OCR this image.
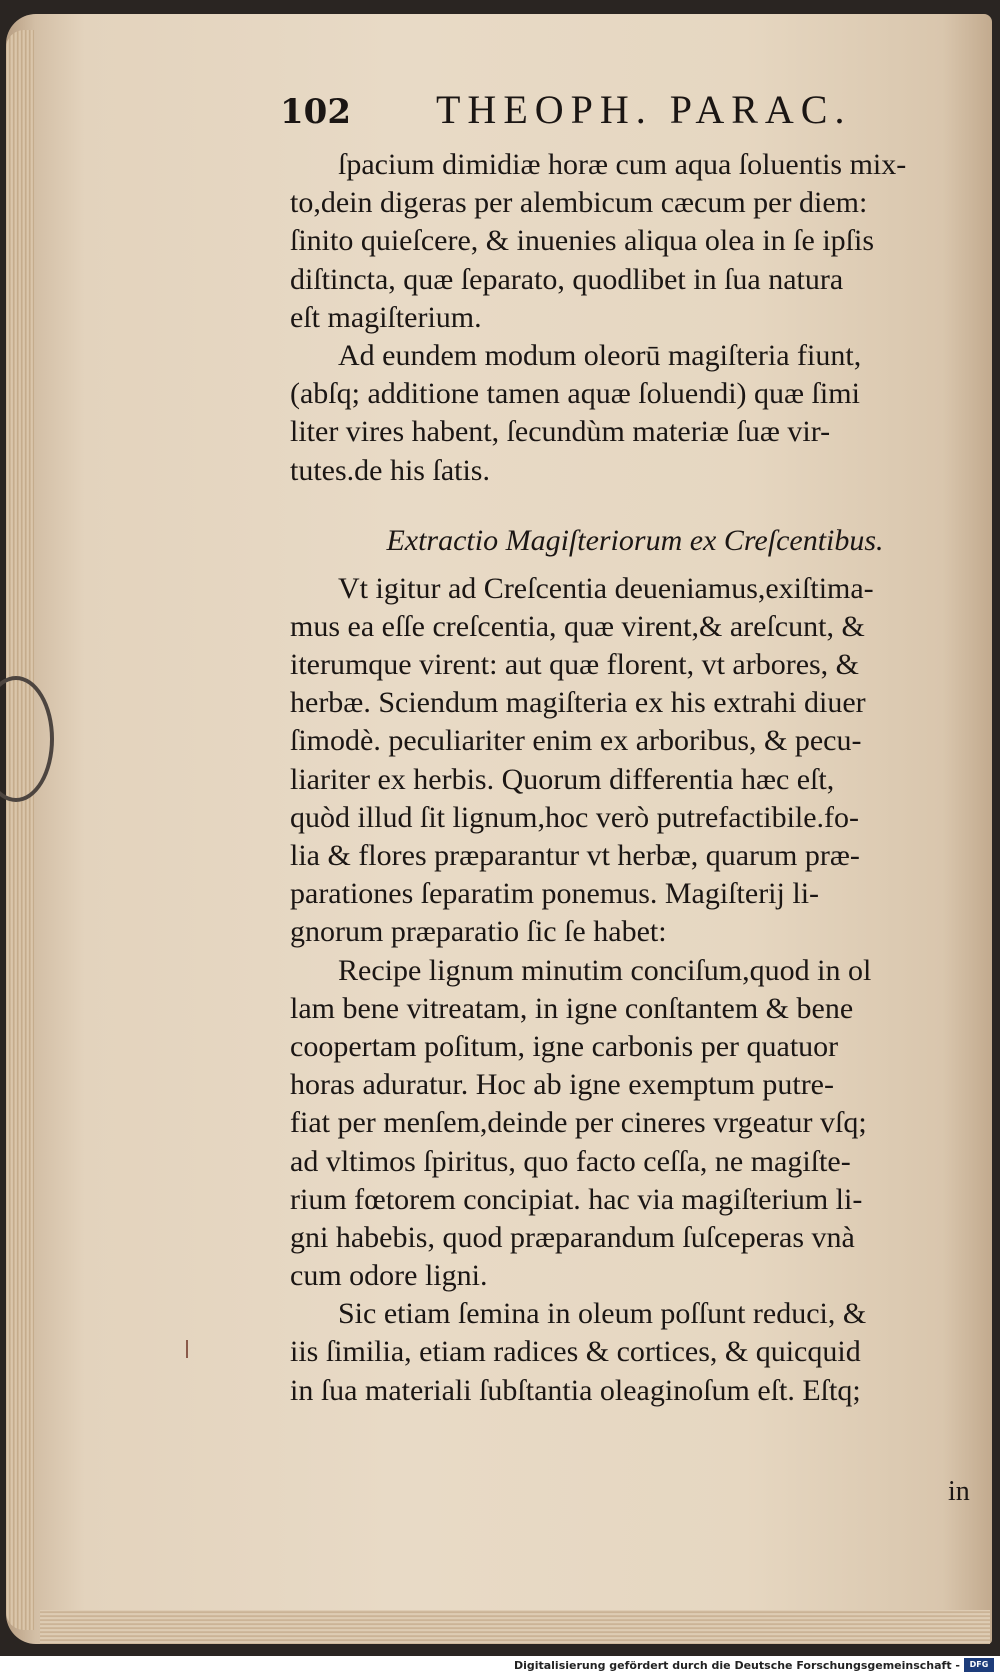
102 THEOPH. PARAC.
ſpacium dimidiæ horæ cum aqua ſoluentis mix-
to,dein digeras per alembicum cæcum per diem:
ſinito quieſcere, & inuenies aliqua olea in ſe ipſis
diſtincta, quæ ſeparato, quodlibet in ſua natura
eſt magiſterium.
Ad eundem modum oleorū magiſteria fiunt,
(abſq; additione tamen aquæ ſoluendi) quæ ſimi
liter vires habent, ſecundùm materiæ ſuæ vir-
tutes.de his ſatis.
Extractio Magiſteriorum ex Creſcentibus.
Vt igitur ad Creſcentia deueniamus,exiſtima-
mus ea eſſe creſcentia, quæ virent,& areſcunt, &
iterumque virent: aut quæ florent, vt arbores, &
herbæ. Sciendum magiſteria ex his extrahi diuer
ſimodè. peculiariter enim ex arboribus, & pecu-
liariter ex herbis. Quorum differentia hæc eſt,
quòd illud ſit lignum,hoc verò putrefactibile.fo-
lia & flores præparantur vt herbæ, quarum præ-
parationes ſeparatim ponemus. Magiſterij li-
gnorum præparatio ſic ſe habet:
Recipe lignum minutim conciſum,quod in ol
lam bene vitreatam, in igne conſtantem & bene
coopertam poſitum, igne carbonis per quatuor
horas aduratur. Hoc ab igne exemptum putre-
fiat per menſem,deinde per cineres vrgeatur vſq;
ad vltimos ſpiritus, quo facto ceſſa, ne magiſte-
rium fœtorem concipiat. hac via magiſterium li-
gni habebis, quod præparandum ſuſceperas vnà
cum odore ligni.
Sic etiam ſemina in oleum poſſunt reduci, &
iis ſimilia, etiam radices & cortices, & quicquid
in ſua materiali ſubſtantia oleaginoſum eſt. Eſtq;
in
Digitalisierung gefördert durch die Deutsche Forschungsgemeinschaft -	DFG
